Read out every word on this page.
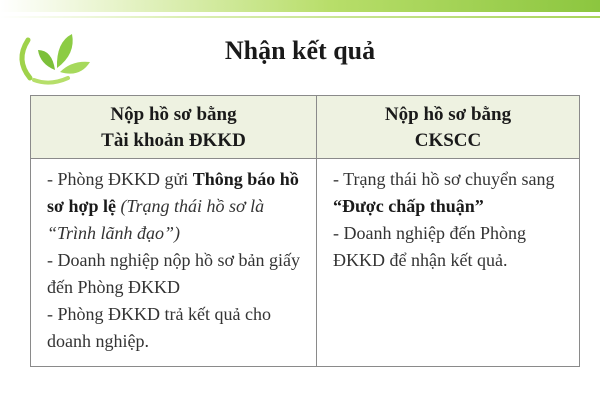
Nhận kết quả
Nộp hồ sơ bằng
Tài khoản ĐKKD
Nộp hồ sơ bằng
CKSCC

- Phòng ĐKKD gửi Thông báo hồ sơ hợp lệ (Trạng thái hồ sơ là “Trình lãnh đạo”)

- Doanh nghiệp nộp hồ sơ bản giấy đến Phòng ĐKKD

- Phòng ĐKKD trả kết quả cho doanh nghiệp.

- Trạng thái hồ sơ chuyển sang “Được chấp thuận”

- Doanh nghiệp đến Phòng ĐKKD để nhận kết quả.
